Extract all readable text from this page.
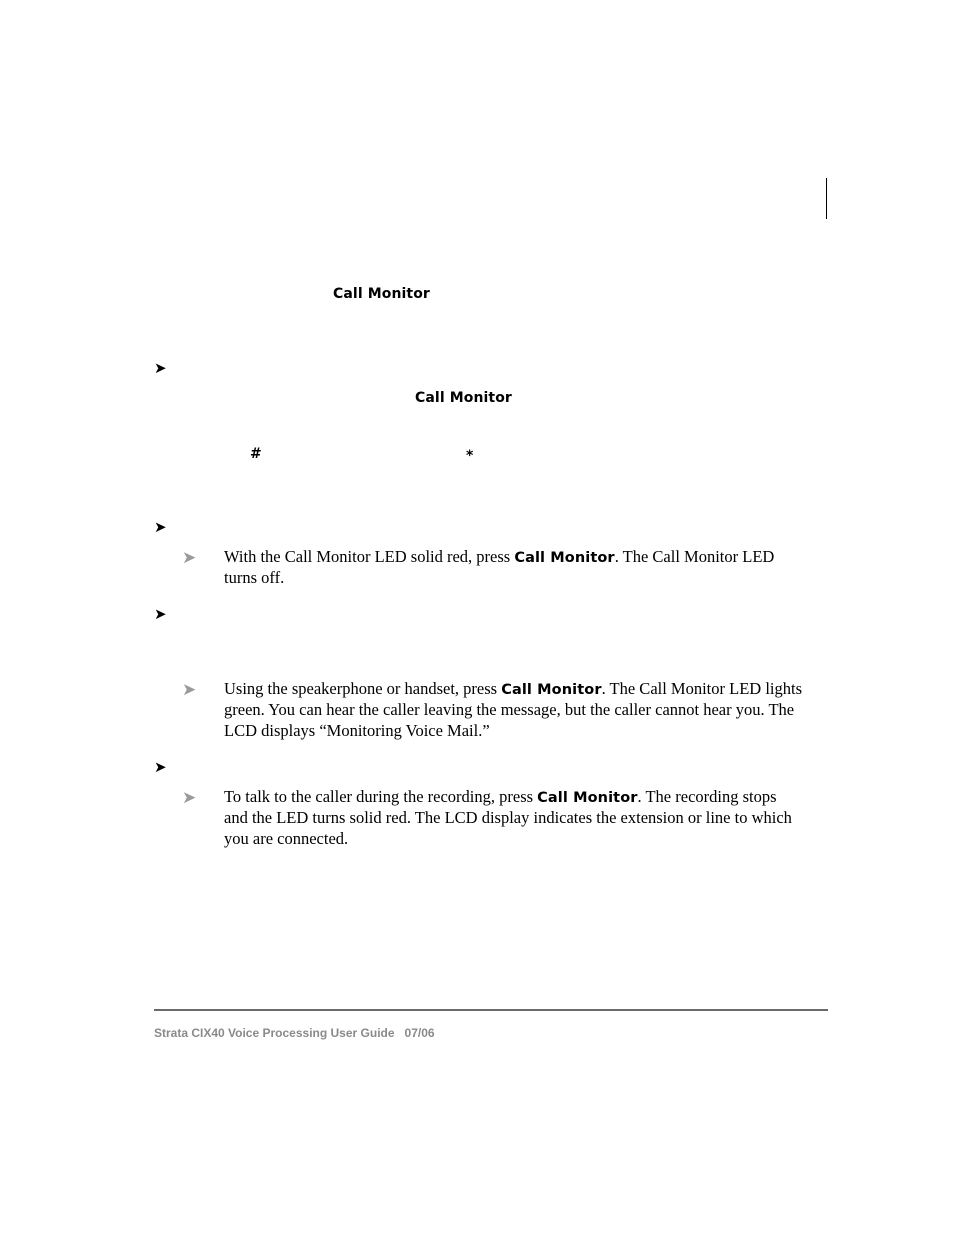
Call Monitor
➤
Call Monitor
#	*
➤
➤ With the Call Monitor LED solid red, press Call Monitor. The Call Monitor LED turns off.
➤
➤ Using the speakerphone or handset, press Call Monitor. The Call Monitor LED lights green. You can hear the caller leaving the message, but the caller cannot hear you. The LCD displays “Monitoring Voice Mail.”
➤
➤ To talk to the caller during the recording, press Call Monitor. The recording stops and the LED turns solid red. The LCD display indicates the extension or line to which you are connected.
Strata CIX40 Voice Processing User Guide 07/06
